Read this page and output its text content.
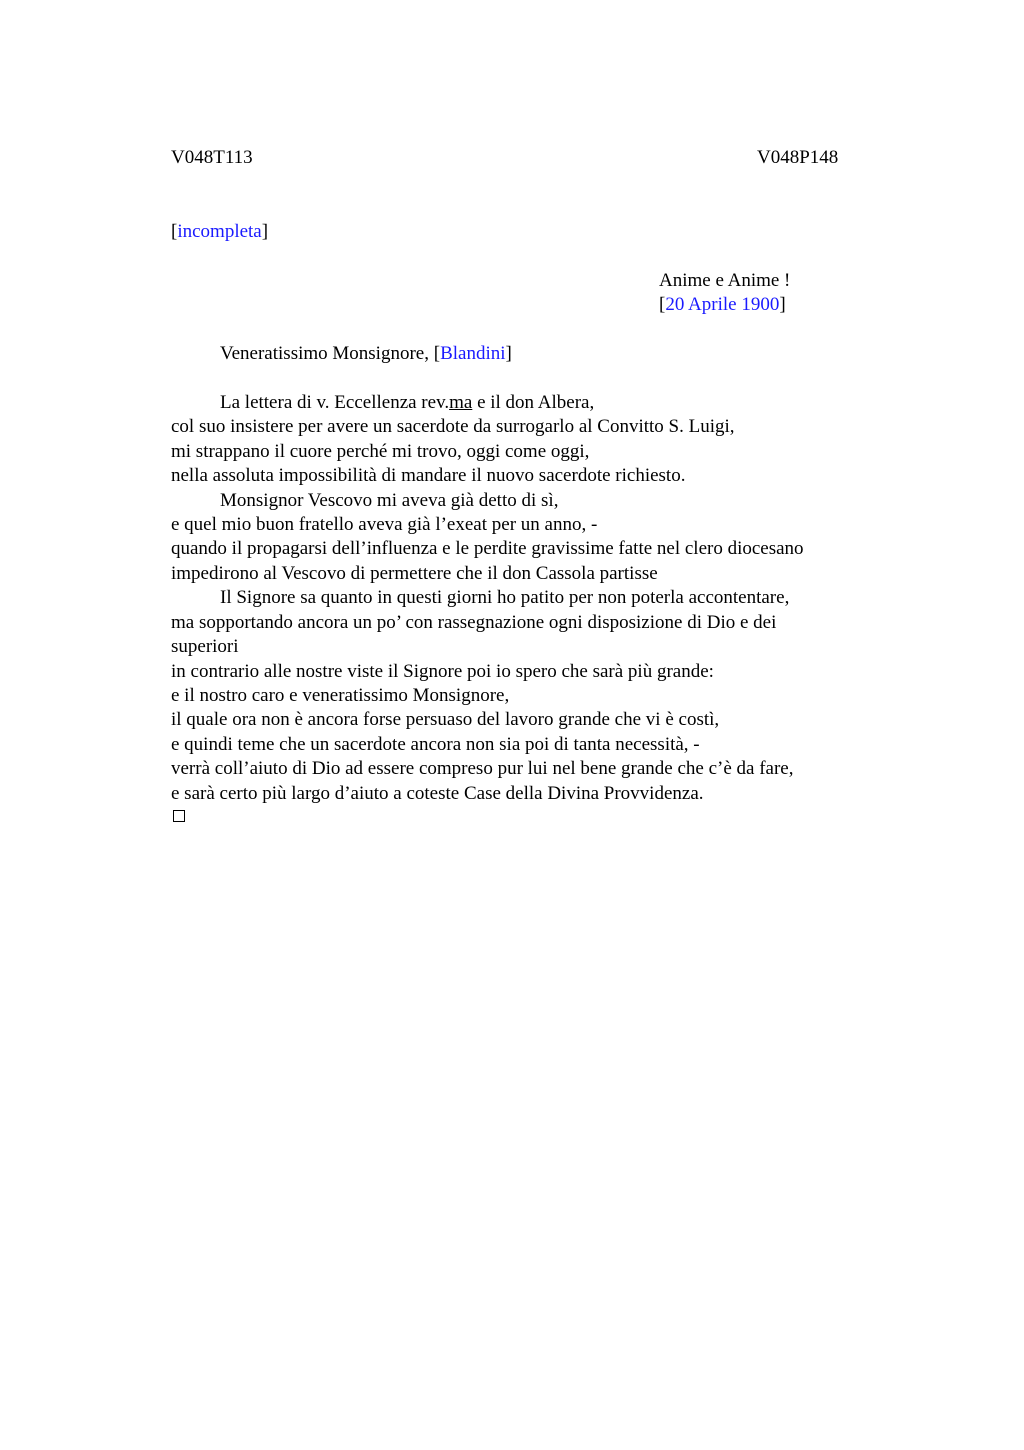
V048T113	V048P148
[incompleta]
Anime e Anime !
[20 Aprile 1900]
Veneratissimo Monsignore, [Blandini]
La lettera di v. Eccellenza rev.ma e il don Albera,
col suo insistere per avere un sacerdote da surrogarlo al Convitto S. Luigi,
mi strappano il cuore perché mi trovo, oggi come oggi,
nella assoluta impossibilità di mandare il nuovo sacerdote richiesto.
Monsignor Vescovo mi aveva già detto di sì,
e quel mio buon fratello aveva già l’exeat per un anno, -
quando il propagarsi dell’influenza e le perdite gravissime fatte nel clero diocesano
impedirono al Vescovo di permettere che il don Cassola partisse
Il Signore sa quanto in questi giorni ho patito per non poterla accontentare,
ma sopportando ancora un po’ con rassegnazione ogni disposizione di Dio e dei
superiori
in contrario alle nostre viste il Signore poi io spero che sarà più grande:
e il nostro caro e veneratissimo Monsignore,
il quale ora non è ancora forse persuaso del lavoro grande che vi è costì,
e quindi teme che un sacerdote ancora non sia poi di tanta necessità, -
verrà coll’aiuto di Dio ad essere compreso pur lui nel bene grande che c’è da fare,
e sarà certo più largo d’aiuto a coteste Case della Divina Provvidenza.
